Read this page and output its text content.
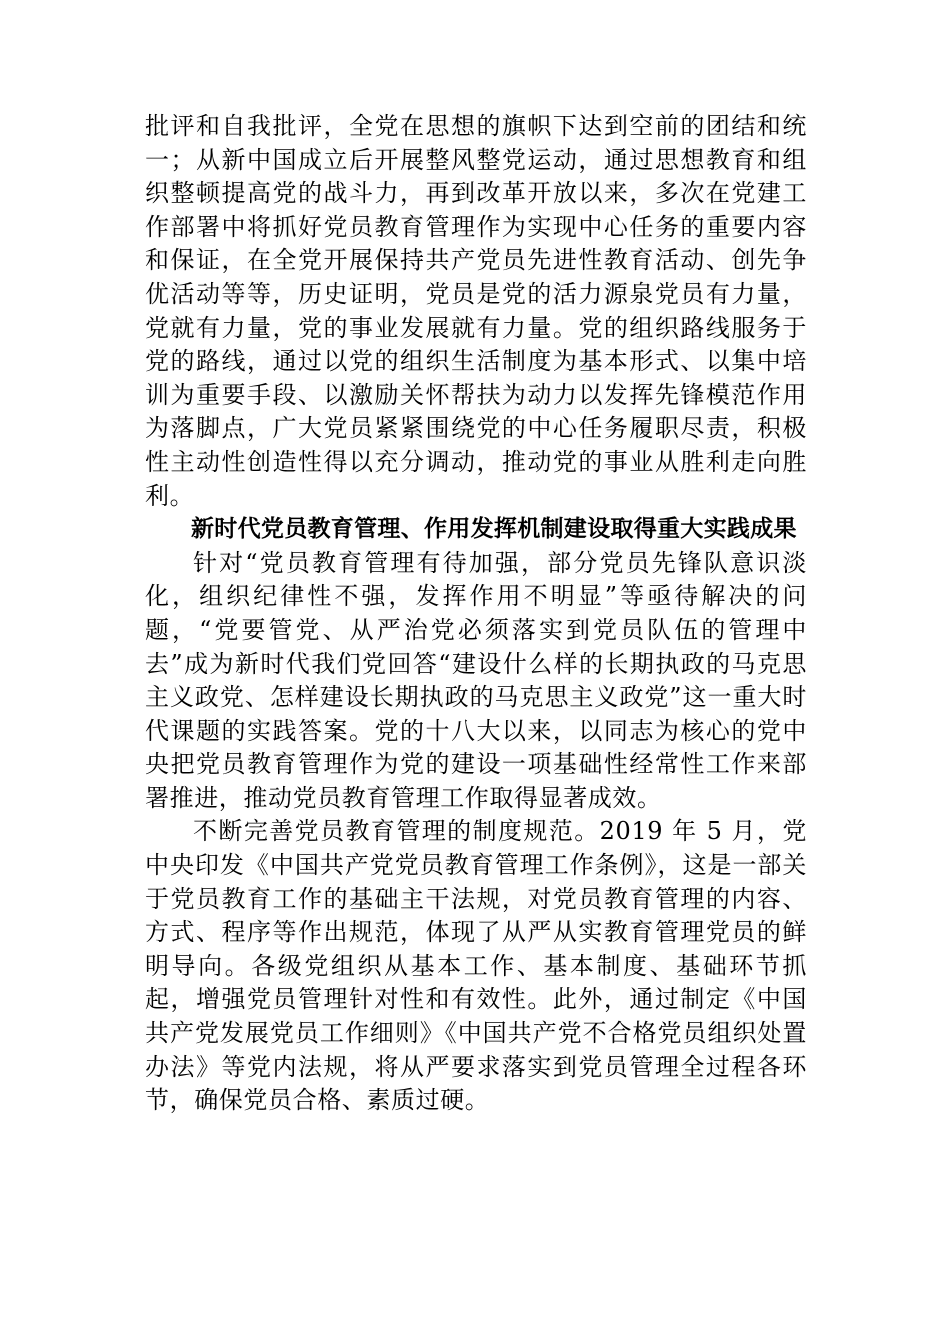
批评和自我批评，全党在思想的旗帜下达到空前的团结和统一；从新中国成立后开展整风整党运动，通过思想教育和组织整顿提高党的战斗力，再到改革开放以来，多次在党建工作部署中将抓好党员教育管理作为实现中心任务的重要内容和保证，在全党开展保持共产党员先进性教育活动、创先争优活动等等，历史证明，党员是党的活力源泉党员有力量，党就有力量，党的事业发展就有力量。党的组织路线服务于党的路线，通过以党的组织生活制度为基本形式、以集中培训为重要手段、以激励关怀帮扶为动力以发挥先锋模范作用为落脚点，广大党员紧紧围绕党的中心任务履职尽责，积极性主动性创造性得以充分调动，推动党的事业从胜利走向胜利。

新时代党员教育管理、作用发挥机制建设取得重大实践成果

针对“党员教育管理有待加强，部分党员先锋队意识淡化，组织纪律性不强，发挥作用不明显”等亟待解决的问题，“党要管党、从严治党必须落实到党员队伍的管理中去”成为新时代我们党回答“建设什么样的长期执政的马克思主义政党、怎样建设长期执政的马克思主义政党”这一重大时代课题的实践答案。党的十八大以来，以同志为核心的党中央把党员教育管理作为党的建设一项基础性经常性工作来部署推进，推动党员教育管理工作取得显著成效。

不断完善党员教育管理的制度规范。2019 年 5 月，党中央印发《中国共产党党员教育管理工作条例》，这是一部关于党员教育工作的基础主干法规，对党员教育管理的内容、方式、程序等作出规范，体现了从严从实教育管理党员的鲜明导向。各级党组织从基本工作、基本制度、基础环节抓起，增强党员管理针对性和有效性。此外，通过制定《中国共产党发展党员工作细则》《中国共产党不合格党员组织处置办法》等党内法规，将从严要求落实到党员管理全过程各环节，确保党员合格、素质过硬。
